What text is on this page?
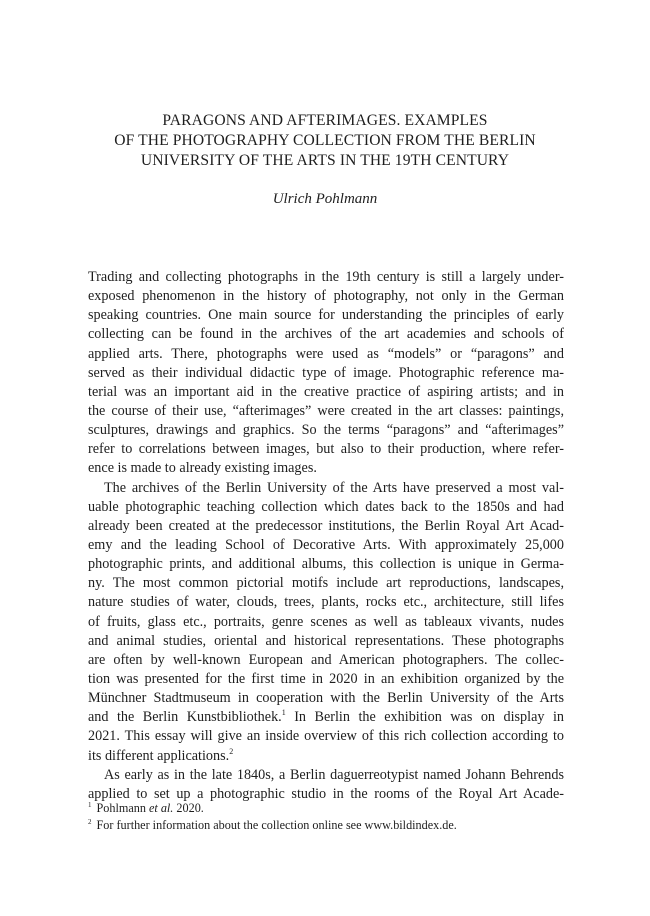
PARAGONS AND AFTERIMAGES. EXAMPLES
OF THE PHOTOGRAPHY COLLECTION FROM THE BERLIN
UNIVERSITY OF THE ARTS IN THE 19TH CENTURY
Ulrich Pohlmann
Trading and collecting photographs in the 19th century is still a largely under-
exposed phenomenon in the history of photography, not only in the German
speaking countries. One main source for understanding the principles of early
collecting can be found in the archives of the art academies and schools of
applied arts. There, photographs were used as “models” or “paragons” and
served as their individual didactic type of image. Photographic reference ma-
terial was an important aid in the creative practice of aspiring artists; and in
the course of their use, “afterimages” were created in the art classes: paintings,
sculptures, drawings and graphics. So the terms “paragons” and “afterimages”
refer to correlations between images, but also to their production, where refer-
ence is made to already existing images.
The archives of the Berlin University of the Arts have preserved a most val-
uable photographic teaching collection which dates back to the 1850s and had
already been created at the predecessor institutions, the Berlin Royal Art Acad-
emy and the leading School of Decorative Arts. With approximately 25,000
photographic prints, and additional albums, this collection is unique in Germa-
ny. The most common pictorial motifs include art reproductions, landscapes,
nature studies of water, clouds, trees, plants, rocks etc., architecture, still lifes
of fruits, glass etc., portraits, genre scenes as well as tableaux vivants, nudes
and animal studies, oriental and historical representations. These photographs
are often by well-known European and American photographers. The collec-
tion was presented for the first time in 2020 in an exhibition organized by the
Münchner Stadtmuseum in cooperation with the Berlin University of the Arts
and the Berlin Kunstbibliothek.$^1$ In Berlin the exhibition was on display in
2021. This essay will give an inside overview of this rich collection according to
its different applications.$^2$
As early as in the late 1840s, a Berlin daguerreotypist named Johann Behrends
applied to set up a photographic studio in the rooms of the Royal Art Acade-
$^1$ Pohlmann et al. 2020.
$^2$ For further information about the collection online see www.bildindex.de.
